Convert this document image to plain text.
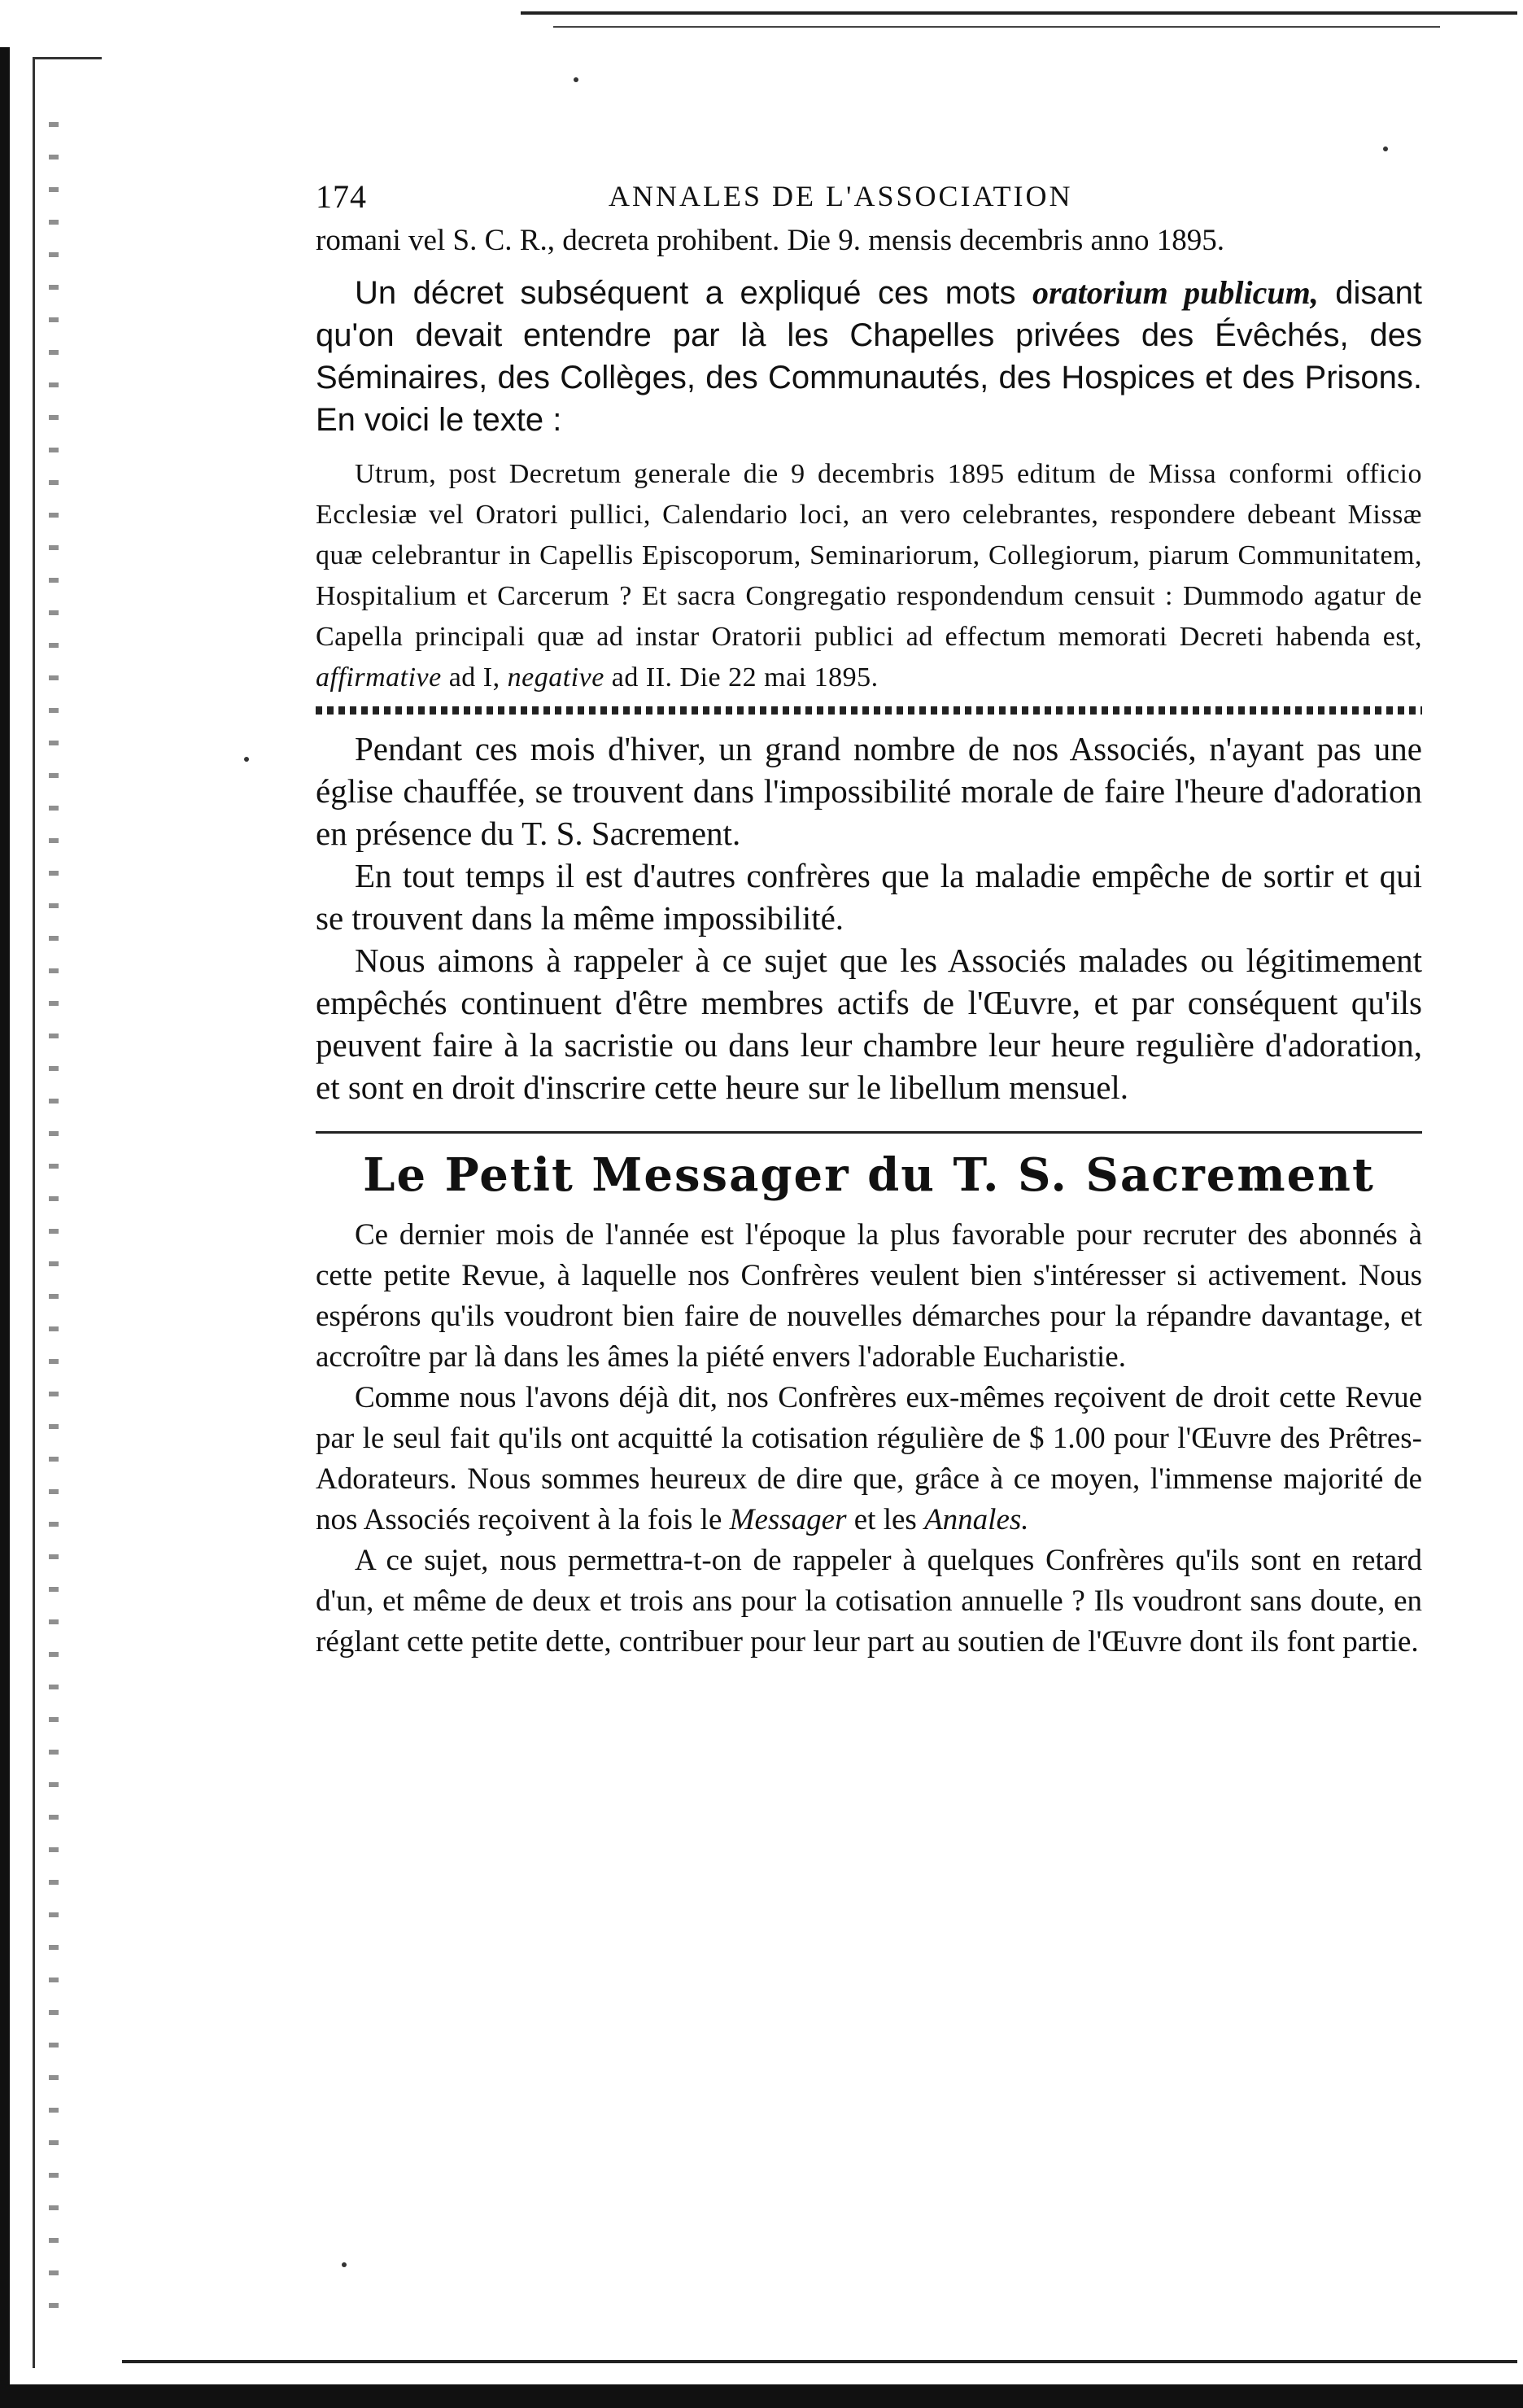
174	ANNALES DE L'ASSOCIATION

romani vel S. C. R., decreta prohibent. Die 9. mensis decembris anno 1895.

Un décret subséquent a expliqué ces mots oratorium publicum, disant qu'on devait entendre par là les Chapelles privées des Évêchés, des Séminaires, des Collèges, des Communautés, des Hospices et des Prisons. En voici le texte :

Utrum, post Decretum generale die 9 decembris 1895 editum de Missa conformi officio Ecclesiæ vel Oratori pullici, Calendario loci, an vero celebrantes, respondere debeant Missæ quæ celebrantur in Capellis Episcoporum, Seminariorum, Collegiorum, piarum Communitatem, Hospitalium et Carcerum ? Et sacra Congregatio respondendum censuit : Dummodo agatur de Capella principali quæ ad instar Oratorii publici ad effectum memorati Decreti habenda est, affirmative ad I, negative ad II. Die 22 mai 1895.

Pendant ces mois d'hiver, un grand nombre de nos Associés, n'ayant pas une église chauffée, se trouvent dans l'impossibilité morale de faire l'heure d'adoration en présence du T. S. Sacrement.

En tout temps il est d'autres confrères que la maladie empêche de sortir et qui se trouvent dans la même impossibilité.

Nous aimons à rappeler à ce sujet que les Associés malades ou légitimement empêchés continuent d'être membres actifs de l'Œuvre, et par conséquent qu'ils peuvent faire à la sacristie ou dans leur chambre leur heure regulière d'adoration, et sont en droit d'inscrire cette heure sur le libellum mensuel.

Le Petit Messager du T. S. Sacrement

Ce dernier mois de l'année est l'époque la plus favorable pour recruter des abonnés à cette petite Revue, à laquelle nos Confrères veulent bien s'intéresser si activement. Nous espérons qu'ils voudront bien faire de nouvelles démarches pour la répandre davantage, et accroître par là dans les âmes la piété envers l'adorable Eucharistie.

Comme nous l'avons déjà dit, nos Confrères eux-mêmes reçoivent de droit cette Revue par le seul fait qu'ils ont acquitté la cotisation régulière de $ 1.00 pour l'Œuvre des Prêtres-Adorateurs. Nous sommes heureux de dire que, grâce à ce moyen, l'immense majorité de nos Associés reçoivent à la fois le Messager et les Annales.

A ce sujet, nous permettra-t-on de rappeler à quelques Confrères qu'ils sont en retard d'un, et même de deux et trois ans pour la cotisation annuelle ? Ils voudront sans doute, en réglant cette petite dette, contribuer pour leur part au soutien de l'Œuvre dont ils font partie.
